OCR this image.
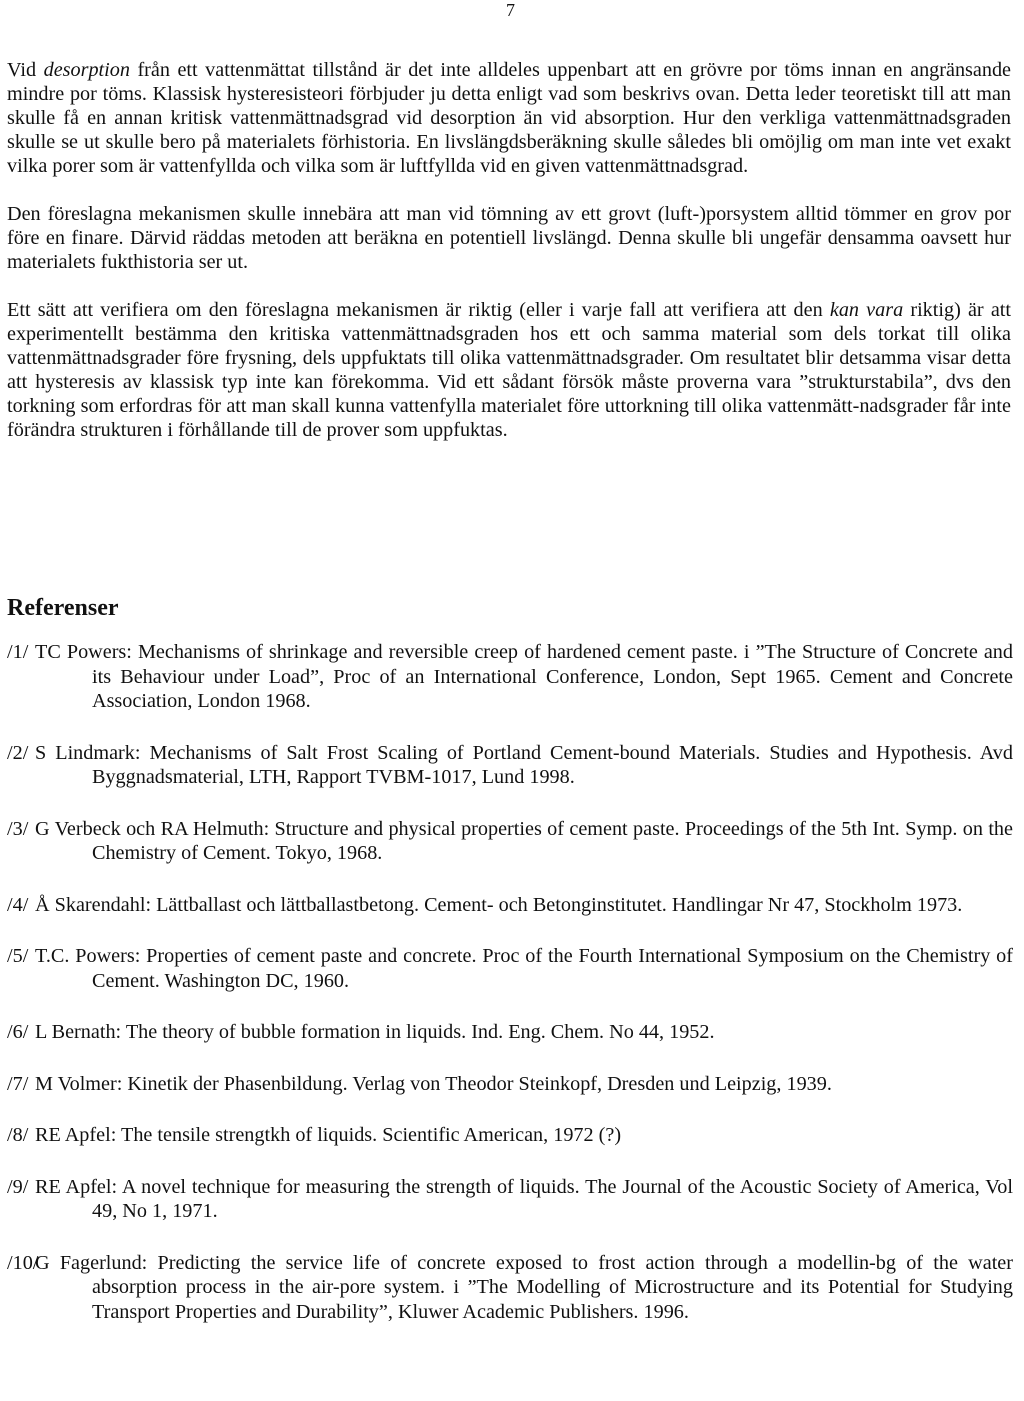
7

Vid desorption från ett vattenmättat tillstånd är det inte alldeles uppenbart att en grövre por töms innan en angränsande mindre por töms. Klassisk hysteresisteori förbjuder ju detta enligt vad som beskrivs ovan. Detta leder teoretiskt till att man skulle få en annan kritisk vattenmättnadsgrad vid desorption än vid absorption. Hur den verkliga vattenmättnadsgraden skulle se ut skulle bero på materialets förhistoria. En livslängdsberäkning skulle således bli omöjlig om man inte vet exakt vilka porer som är vattenfyllda och vilka som är luftfyllda vid en given vattenmättnadsgrad.

Den föreslagna mekanismen skulle innebära att man vid tömning av ett grovt (luft-)porsystem alltid tömmer en grov por före en finare. Därvid räddas metoden att beräkna en potentiell livslängd. Denna skulle bli ungefär densamma oavsett hur materialets fukthistoria ser ut.

Ett sätt att verifiera om den föreslagna mekanismen är riktig (eller i varje fall att verifiera att den kan vara riktig) är att experimentellt bestämma den kritiska vattenmättnadsgraden hos ett och samma material som dels torkat till olika vattenmättnadsgrader före frysning, dels uppfuktats till olika vattenmättnadsgrader. Om resultatet blir detsamma visar detta att hysteresis av klassisk typ inte kan förekomma. Vid ett sådant försök måste proverna vara ”strukturstabila”, dvs den torkning som erfordras för att man skall kunna vattenfylla materialet före uttorkning till olika vattenmätt-nadsgrader får inte förändra strukturen i förhållande till de prover som uppfuktas.

Referenser
/1/ TC Powers: Mechanisms of shrinkage and reversible creep of hardened cement paste. i ”The Structure of Concrete and its Behaviour under Load”, Proc of an International Conference, London, Sept 1965. Cement and Concrete Association, London 1968.
/2/ S Lindmark: Mechanisms of Salt Frost Scaling of Portland Cement-bound Materials. Studies and Hypothesis. Avd Byggnadsmaterial, LTH, Rapport TVBM-1017, Lund 1998.
/3/ G Verbeck och RA Helmuth: Structure and physical properties of cement paste. Proceedings of the 5th Int. Symp. on the Chemistry of Cement. Tokyo, 1968.
/4/ Å Skarendahl: Lättballast och lättballastbetong. Cement- och Betonginstitutet. Handlingar Nr 47, Stockholm 1973.
/5/ T.C. Powers: Properties of cement paste and concrete. Proc of the Fourth International Symposium on the Chemistry of Cement. Washington DC, 1960.
/6/ L Bernath: The theory of bubble formation in liquids. Ind. Eng. Chem. No 44, 1952.
/7/ M Volmer: Kinetik der Phasenbildung. Verlag von Theodor Steinkopf, Dresden und Leipzig, 1939.
/8/ RE Apfel: The tensile strengtkh of liquids. Scientific American, 1972 (?)
/9/ RE Apfel: A novel technique for measuring the strength of liquids. The Journal of the Acoustic Society of America, Vol 49, No 1, 1971.
/10/
G Fagerlund: Predicting the service life of concrete exposed to frost action through a modellin-bg of the water absorption process in the air-pore system. i ”The Modelling of Microstructure and its Potential for Studying Transport Properties and Durability”, Kluwer Academic Publishers. 1996.
